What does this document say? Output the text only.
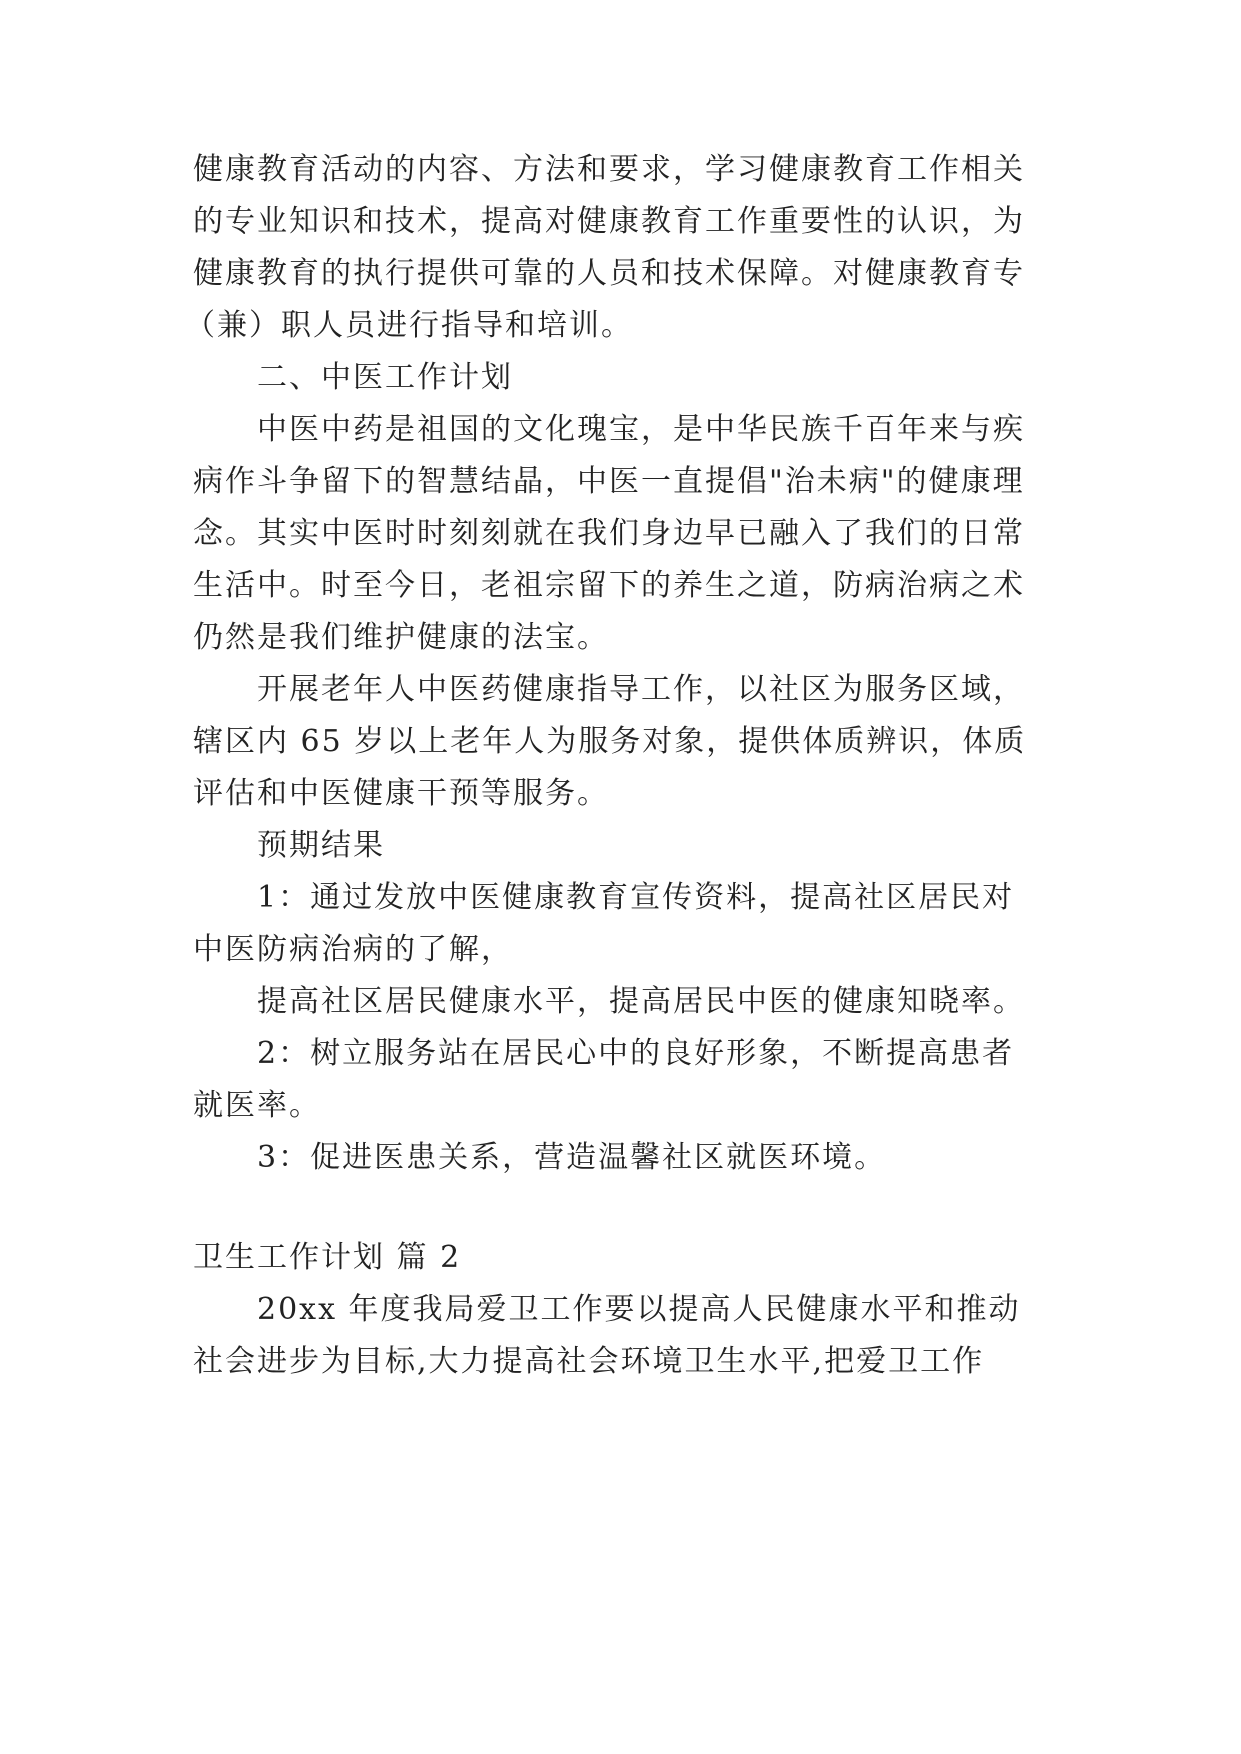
健康教育活动的内容、方法和要求，学习健康教育工作相关
的专业知识和技术，提高对健康教育工作重要性的认识，为
健康教育的执行提供可靠的人员和技术保障。对健康教育专
（兼）职人员进行指导和培训。
二、中医工作计划
中医中药是祖国的文化瑰宝，是中华民族千百年来与疾
病作斗争留下的智慧结晶，中医一直提倡"治未病"的健康理
念。其实中医时时刻刻就在我们身边早已融入了我们的日常
生活中。时至今日，老祖宗留下的养生之道，防病治病之术
仍然是我们维护健康的法宝。
开展老年人中医药健康指导工作，以社区为服务区域，
辖区内 65 岁以上老年人为服务对象，提供体质辨识，体质
评估和中医健康干预等服务。
预期结果
1：通过发放中医健康教育宣传资料，提高社区居民对
中医防病治病的了解，
提高社区居民健康水平，提高居民中医的健康知晓率。
2：树立服务站在居民心中的良好形象，不断提高患者
就医率。
3：促进医患关系，营造温馨社区就医环境。
卫生工作计划 篇 2
20xx 年度我局爱卫工作要以提高人民健康水平和推动
社会进步为目标,大力提高社会环境卫生水平,把爱卫工作
